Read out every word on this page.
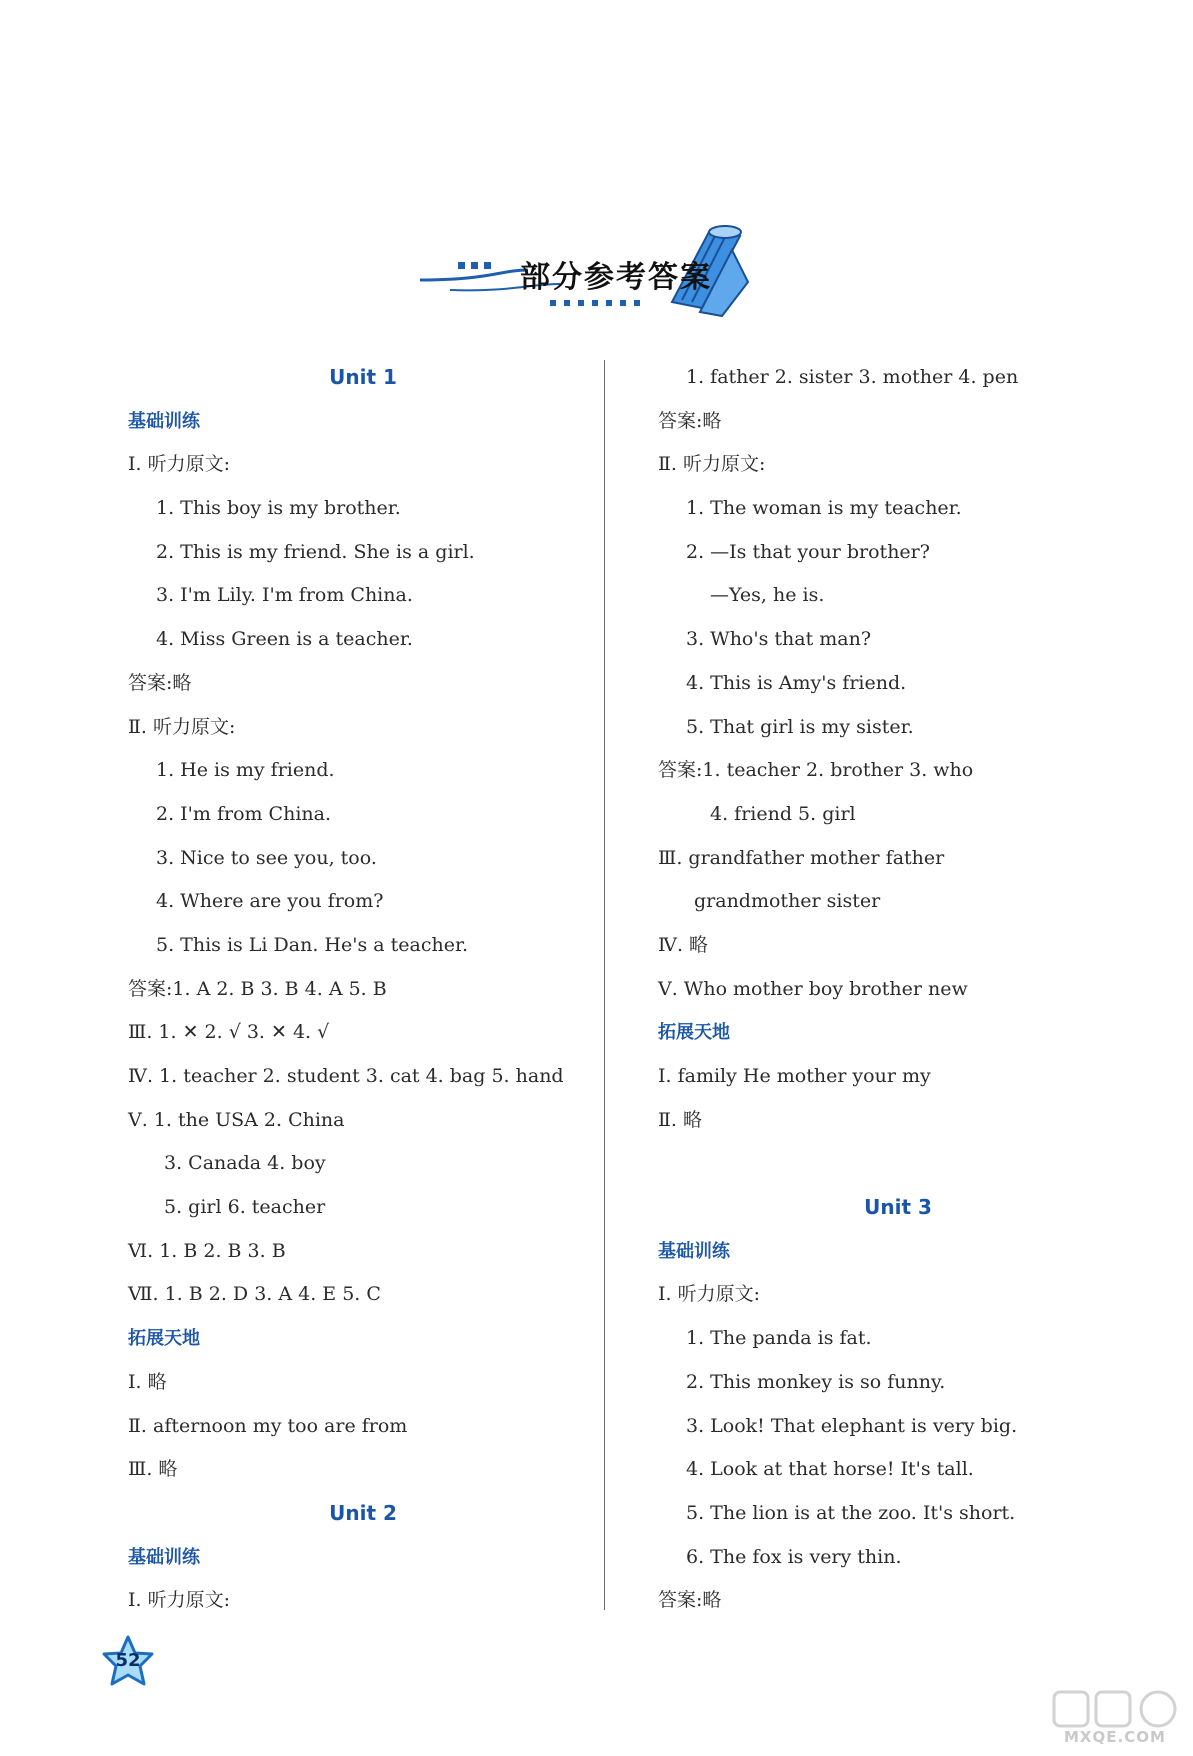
部分参考答案
Unit 1
基础训练
Ⅰ. 听力原文:
1. This boy is my brother.
2. This is my friend. She is a girl.
3. I'm Lily. I'm from China.
4. Miss Green is a teacher.
答案:略
Ⅱ. 听力原文:
1. He is my friend.
2. I'm from China.
3. Nice to see you, too.
4. Where are you from?
5. This is Li Dan. He's a teacher.
答案:1. A 2. B 3. B 4. A 5. B
Ⅲ. 1. ✕ 2. √ 3. ✕ 4. √
Ⅳ. 1. teacher 2. student 3. cat 4. bag 5. hand
Ⅴ. 1. the USA 2. China
3. Canada 4. boy
5. girl 6. teacher
Ⅵ. 1. B 2. B 3. B
Ⅶ. 1. B 2. D 3. A 4. E 5. C
拓展天地
Ⅰ. 略
Ⅱ. afternoon my too are from
Ⅲ. 略
Unit 2
基础训练
Ⅰ. 听力原文:
1. father 2. sister 3. mother 4. pen
答案:略
Ⅱ. 听力原文:
1. The woman is my teacher.
2. —Is that your brother?
—Yes, he is.
3. Who's that man?
4. This is Amy's friend.
5. That girl is my sister.
答案:1. teacher 2. brother 3. who
4. friend 5. girl
Ⅲ. grandfather mother father
grandmother sister
Ⅳ. 略
Ⅴ. Who mother boy brother new
拓展天地
Ⅰ. family He mother your my
Ⅱ. 略
Unit 3
基础训练
Ⅰ. 听力原文:
1. The panda is fat.
2. This monkey is so funny.
3. Look! That elephant is very big.
4. Look at that horse! It's tall.
5. The lion is at the zoo. It's short.
6. The fox is very thin.
答案:略
52
MXQE.COM
